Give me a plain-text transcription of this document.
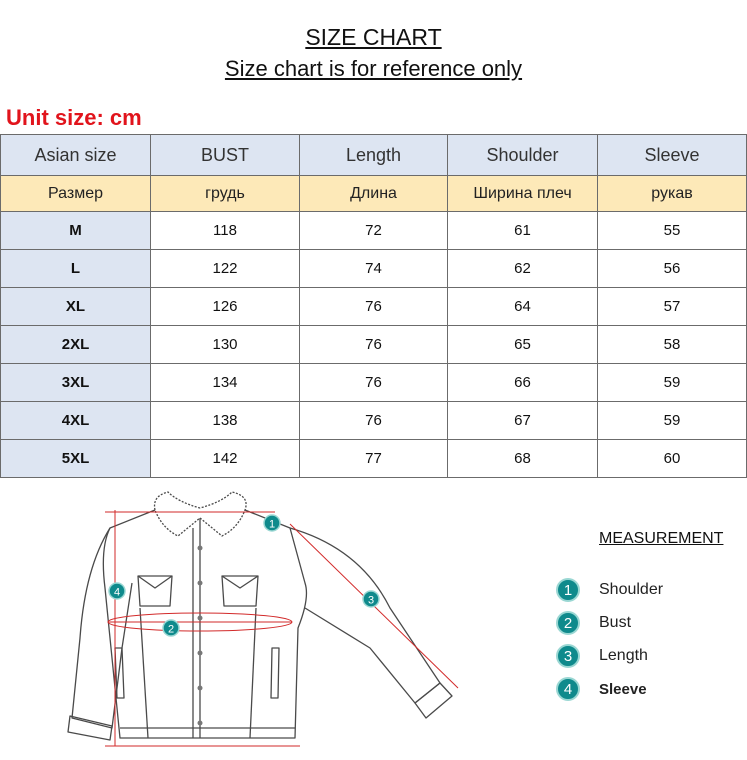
SIZE CHART
Size chart is for reference only
Unit size: cm
Asian size	BUST	Length	Shoulder	Sleeve
Размер	грудь	Длина	Ширина плеч	рукав
M	118	72	61	55
L	122	74	62	56
XL	126	76	64	57
2XL	130	76	65	58
3XL	134	76	66	59
4XL	138	76	67	59
5XL	142	77	68	60
1
2
3
4
MEASUREMENT
1	Shoulder
2	Bust
3	Length
4	Sleeve
